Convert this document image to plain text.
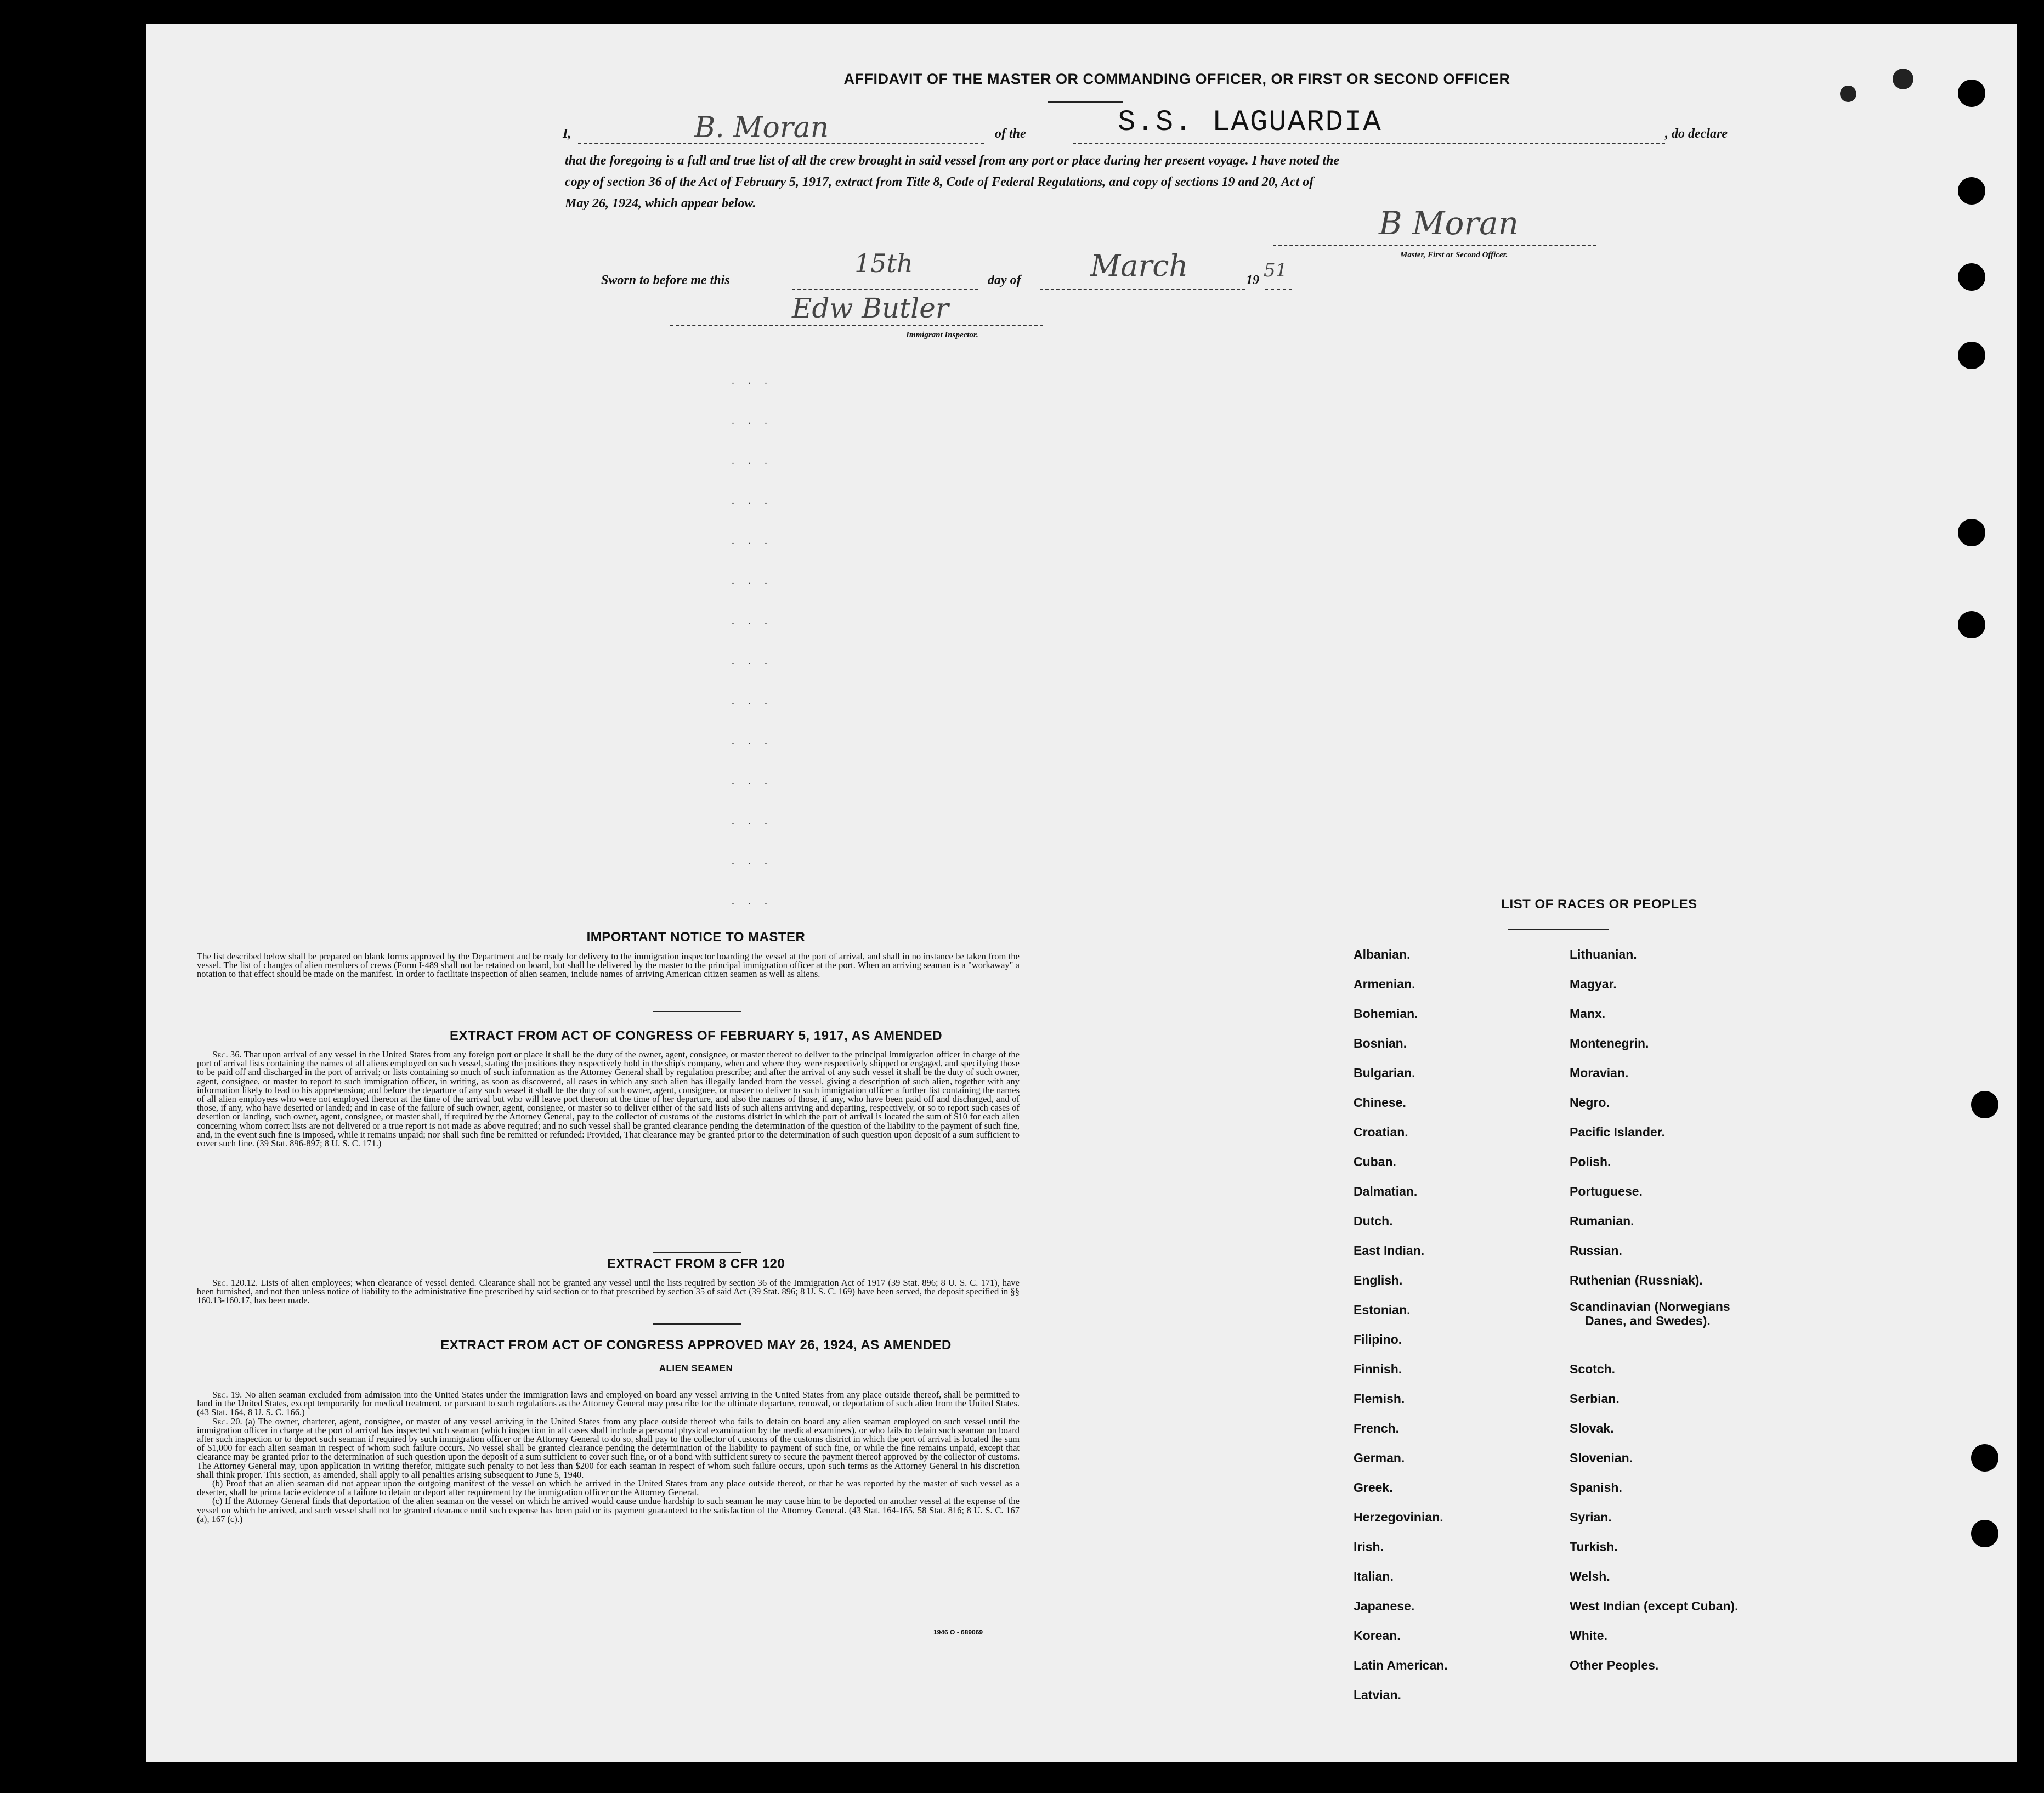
AFFIDAVIT OF THE MASTER OR COMMANDING OFFICER, OR FIRST OR SECOND OFFICER
I,	B. Moran	of the	S.S. LAGUARDIA	, do declare
that the foregoing is a full and true list of all the crew brought in said vessel from any port or place during her present voyage. I have noted the
copy of section 36 of the Act of February 5, 1917, extract from Title 8, Code of Federal Regulations, and copy of sections 19 and 20, Act of
May 26, 1924, which appear below.
B Moran
Master, First or Second Officer.
Sworn to before me this
15th
day of March	19 51
Edw Butler
Immigrant Inspector.
. . .
. . .
. . .
. . .
. . .
. . .
. . .
. . .
. . .
. . .
. . .
. . .
. . .
. . .
IMPORTANT NOTICE TO MASTER
The list described below shall be prepared on blank forms approved by the Department and be ready for delivery to the immigration inspector boarding the vessel at the port of arrival, and shall in no instance be taken from the vessel. The list of changes of alien members of crews (Form I-489 shall not be retained on board, but shall be delivered by the master to the principal immigration officer at the port. When an arriving seaman is a "workaway" a notation to that effect should be made on the manifest. In order to facilitate inspection of alien seamen, include names of arriving American citizen seamen as well as aliens.
EXTRACT FROM ACT OF CONGRESS OF FEBRUARY 5, 1917, AS AMENDED

Sec. 36. That upon arrival of any vessel in the United States from any foreign port or place it shall be the duty of the owner, agent, consignee, or master thereof to deliver to the principal immigration officer in charge of the port of arrival lists containing the names of all aliens employed on such vessel, stating the positions they respectively hold in the ship's company, when and where they were respectively shipped or engaged, and specifying those to be paid off and discharged in the port of arrival; or lists containing so much of such information as the Attorney General shall by regulation prescribe; and after the arrival of any such vessel it shall be the duty of such owner, agent, consignee, or master to report to such immigration officer, in writing, as soon as discovered, all cases in which any such alien has illegally landed from the vessel, giving a description of such alien, together with any information likely to lead to his apprehension; and before the departure of any such vessel it shall be the duty of such owner, agent, consignee, or master to deliver to such immigration officer a further list containing the names of all alien employees who were not employed thereon at the time of the arrival but who will leave port thereon at the time of her departure, and also the names of those, if any, who have been paid off and discharged, and of those, if any, who have deserted or landed; and in case of the failure of such owner, agent, consignee, or master so to deliver either of the said lists of such aliens arriving and departing, respectively, or so to report such cases of desertion or landing, such owner, agent, consignee, or master shall, if required by the Attorney General, pay to the collector of customs of the customs district in which the port of arrival is located the sum of $10 for each alien concerning whom correct lists are not delivered or a true report is not made as above required; and no such vessel shall be granted clearance pending the determination of the question of the liability to the payment of such fine, and, in the event such fine is imposed, while it remains unpaid; nor shall such fine be remitted or refunded: Provided, That clearance may be granted prior to the determination of such question upon deposit of a sum sufficient to cover such fine. (39 Stat. 896-897; 8 U. S. C. 171.)

EXTRACT FROM 8 CFR 120

Sec. 120.12. Lists of alien employees; when clearance of vessel denied. Clearance shall not be granted any vessel until the lists required by section 36 of the Immigration Act of 1917 (39 Stat. 896; 8 U. S. C. 171), have been furnished, and not then unless notice of liability to the administrative fine prescribed by said section or to that prescribed by section 35 of said Act (39 Stat. 896; 8 U. S. C. 169) have been served, the deposit specified in §§ 160.13-160.17, has been made.

EXTRACT FROM ACT OF CONGRESS APPROVED MAY 26, 1924, AS AMENDED
ALIEN SEAMEN

Sec. 19. No alien seaman excluded from admission into the United States under the immigration laws and employed on board any vessel arriving in the United States from any place outside thereof, shall be permitted to land in the United States, except temporarily for medical treatment, or pursuant to such regulations as the Attorney General may prescribe for the ultimate departure, removal, or deportation of such alien from the United States. (43 Stat. 164, 8 U. S. C. 166.)

Sec. 20. (a) The owner, charterer, agent, consignee, or master of any vessel arriving in the United States from any place outside thereof who fails to detain on board any alien seaman employed on such vessel until the immigration officer in charge at the port of arrival has inspected such seaman (which inspection in all cases shall include a personal physical examination by the medical examiners), or who fails to detain such seaman on board after such inspection or to deport such seaman if required by such immigration officer or the Attorney General to do so, shall pay to the collector of customs of the customs district in which the port of arrival is located the sum of $1,000 for each alien seaman in respect of whom such failure occurs. No vessel shall be granted clearance pending the determination of the liability to payment of such fine, or while the fine remains unpaid, except that clearance may be granted prior to the determination of such question upon the deposit of a sum sufficient to cover such fine, or of a bond with sufficient surety to secure the payment thereof approved by the collector of customs. The Attorney General may, upon application in writing therefor, mitigate such penalty to not less than $200 for each seaman in respect of whom such failure occurs, upon such terms as the Attorney General in his discretion shall think proper. This section, as amended, shall apply to all penalties arising subsequent to June 5, 1940.

(b) Proof that an alien seaman did not appear upon the outgoing manifest of the vessel on which he arrived in the United States from any place outside thereof, or that he was reported by the master of such vessel as a deserter, shall be prima facie evidence of a failure to detain or deport after requirement by the immigration officer or the Attorney General.

(c) If the Attorney General finds that deportation of the alien seaman on the vessel on which he arrived would cause undue hardship to such seaman he may cause him to be deported on another vessel at the expense of the vessel on which he arrived, and such vessel shall not be granted clearance until such expense has been paid or its payment guaranteed to the satisfaction of the Attorney General. (43 Stat. 164-165, 58 Stat. 816; 8 U. S. C. 167 (a), 167 (c).)

1946 O - 689069
LIST OF RACES OR PEOPLES
Albanian.
Armenian.
Bohemian.
Bosnian.
Bulgarian.
Chinese.
Croatian.
Cuban.
Dalmatian.
Dutch.
East Indian.
English.
Estonian.
Filipino.
Finnish.
Flemish.
French.
German.
Greek.
Herzegovinian.
Irish.
Italian.
Japanese.
Korean.
Latin American.
Latvian.
Lithuanian.
Magyar.
Manx.
Montenegrin.
Moravian.
Negro.
Pacific Islander.
Polish.
Portuguese.
Rumanian.
Russian.
Ruthenian (Russniak).
Scandinavian (Norwegians
Danes, and Swedes).
Scotch.
Serbian.
Slovak.
Slovenian.
Spanish.
Syrian.
Turkish.
Welsh.
West Indian (except Cuban).
White.
Other Peoples.
